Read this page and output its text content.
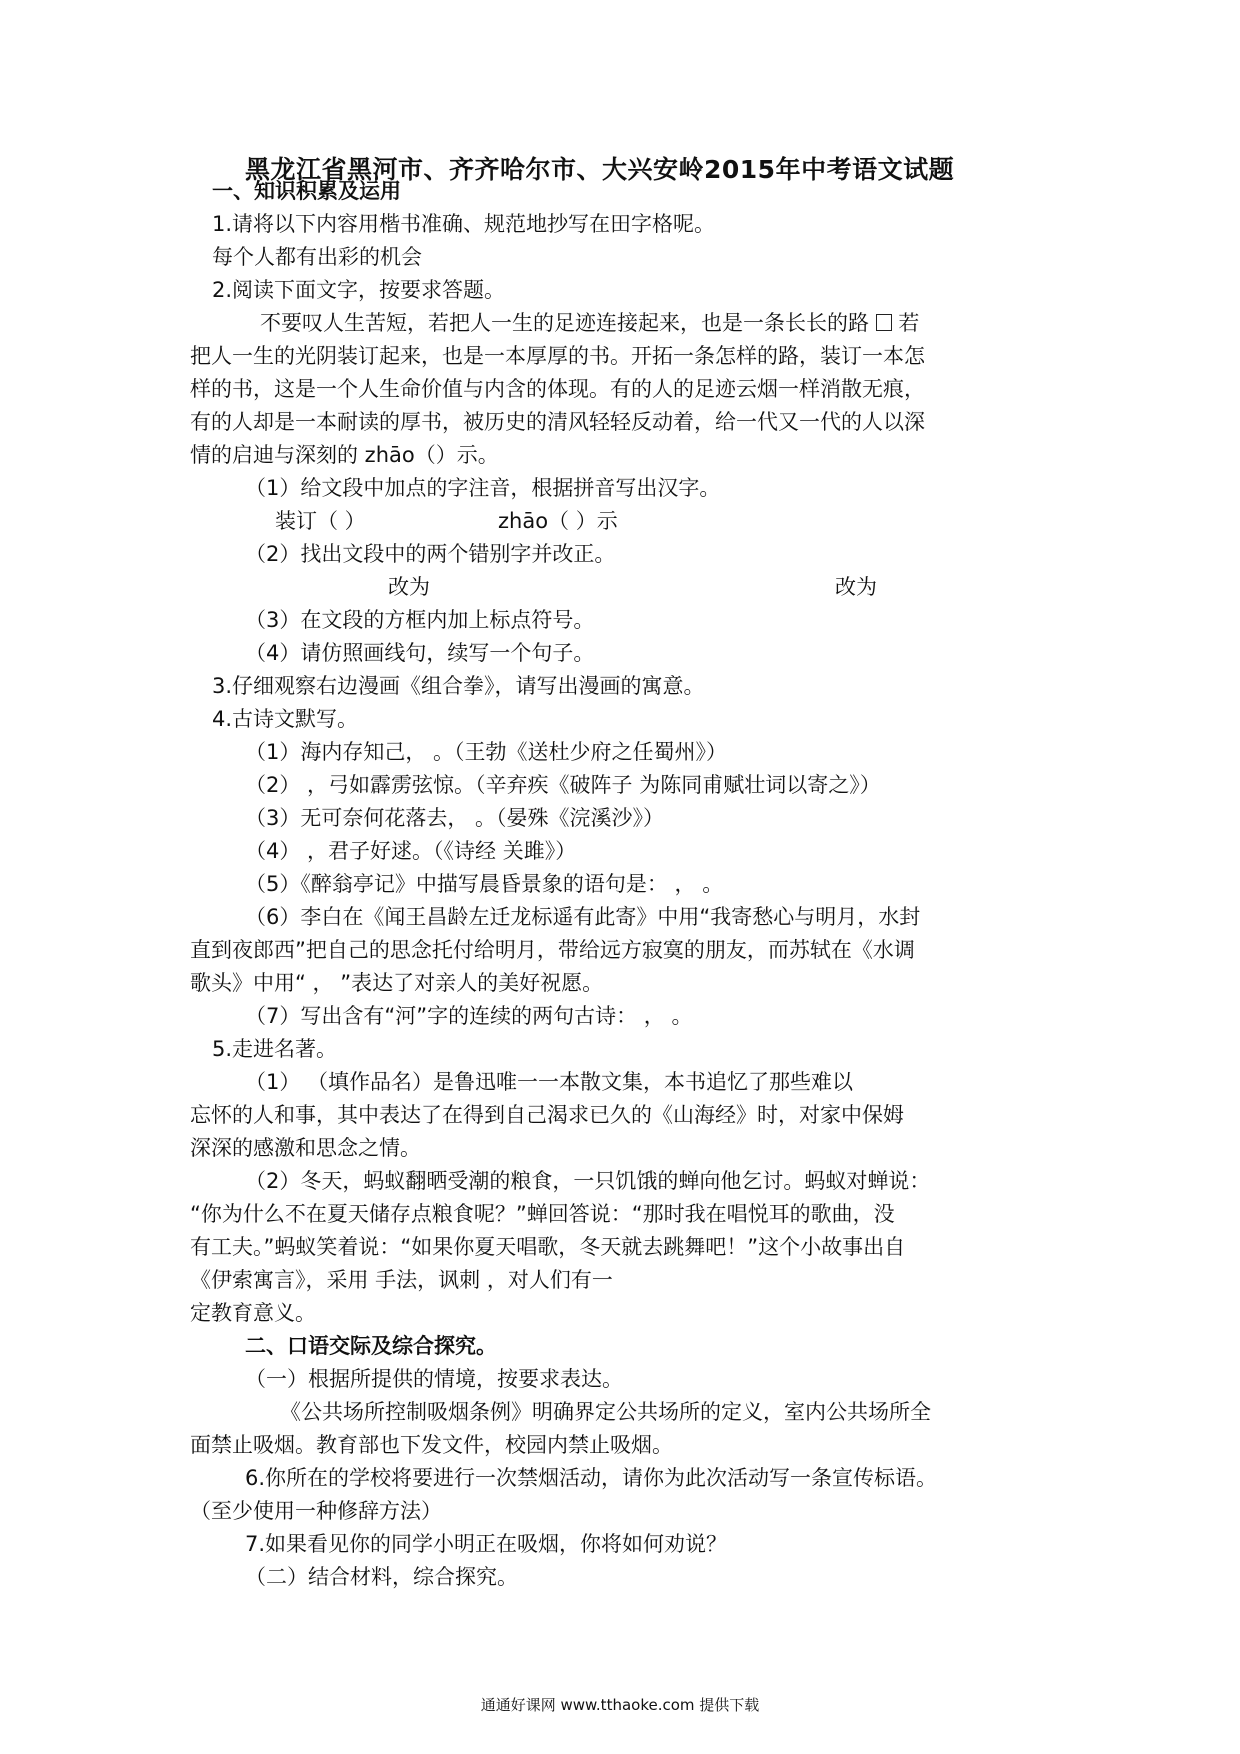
黑龙江省黑河市、齐齐哈尔市、大兴安岭2015年中考语文试题
一、知识积累及运用
1.请将以下内容用楷书准确、规范地抄写在田字格呢。
每个人都有出彩的机会
2.阅读下面文字，按要求答题。
不要叹人生苦短，若把人一生的足迹连接起来，也是一条长长的路 若
把人一生的光阴装订起来，也是一本厚厚的书。开拓一条怎样的路，装订一本怎
样的书，这是一个人生命价值与内含的体现。有的人的足迹云烟一样消散无痕，
有的人却是一本耐读的厚书，被历史的清风轻轻反动着，给一代又一代的人以深
情的启迪与深刻的 zhāo（）示。
（1）给文段中加点的字注音，根据拼音写出汉字。
装订（ ）	zhāo（ ）示
（2）找出文段中的两个错别字并改正。
改为	改为
（3）在文段的方框内加上标点符号。
（4）请仿照画线句，续写一个句子。
3.仔细观察右边漫画《组合拳》，请写出漫画的寓意。
4.古诗文默写。
（1）海内存知己， 。（王勃《送杜少府之任蜀州》）
（2） ，弓如霹雳弦惊。（辛弃疾《破阵子 为陈同甫赋壮词以寄之》）
（3）无可奈何花落去， 。（晏殊《浣溪沙》）
（4） ，君子好逑。（《诗经 关雎》）
（5）《醉翁亭记》中描写晨昏景象的语句是： ， 。
（6）李白在《闻王昌龄左迁龙标遥有此寄》中用“我寄愁心与明月，水封
直到夜郎西”把自己的思念托付给明月，带给远方寂寞的朋友，而苏轼在《水调
歌头》中用“ ， ”表达了对亲人的美好祝愿。
（7）写出含有“河”字的连续的两句古诗： ， 。
5.走进名著。
（1） （填作品名）是鲁迅唯一一本散文集，本书追忆了那些难以
忘怀的人和事，其中表达了在得到自己渴求已久的《山海经》时，对家中保姆
深深的感激和思念之情。
（2）冬天，蚂蚁翻晒受潮的粮食，一只饥饿的蝉向他乞讨。蚂蚁对蝉说：
“你为什么不在夏天储存点粮食呢？”蝉回答说：“那时我在唱悦耳的歌曲，没
有工夫。”蚂蚁笑着说：“如果你夏天唱歌，冬天就去跳舞吧！”这个小故事出自
《伊索寓言》，采用 手法，讽刺 ，对人们有一
定教育意义。
二、口语交际及综合探究。
（一）根据所提供的情境，按要求表达。
《公共场所控制吸烟条例》明确界定公共场所的定义，室内公共场所全
面禁止吸烟。教育部也下发文件，校园内禁止吸烟。
6.你所在的学校将要进行一次禁烟活动，请你为此次活动写一条宣传标语。
（至少使用一种修辞方法）
7.如果看见你的同学小明正在吸烟，你将如何劝说？
（二）结合材料，综合探究。
通通好课网 www.tthaoke.com 提供下载
